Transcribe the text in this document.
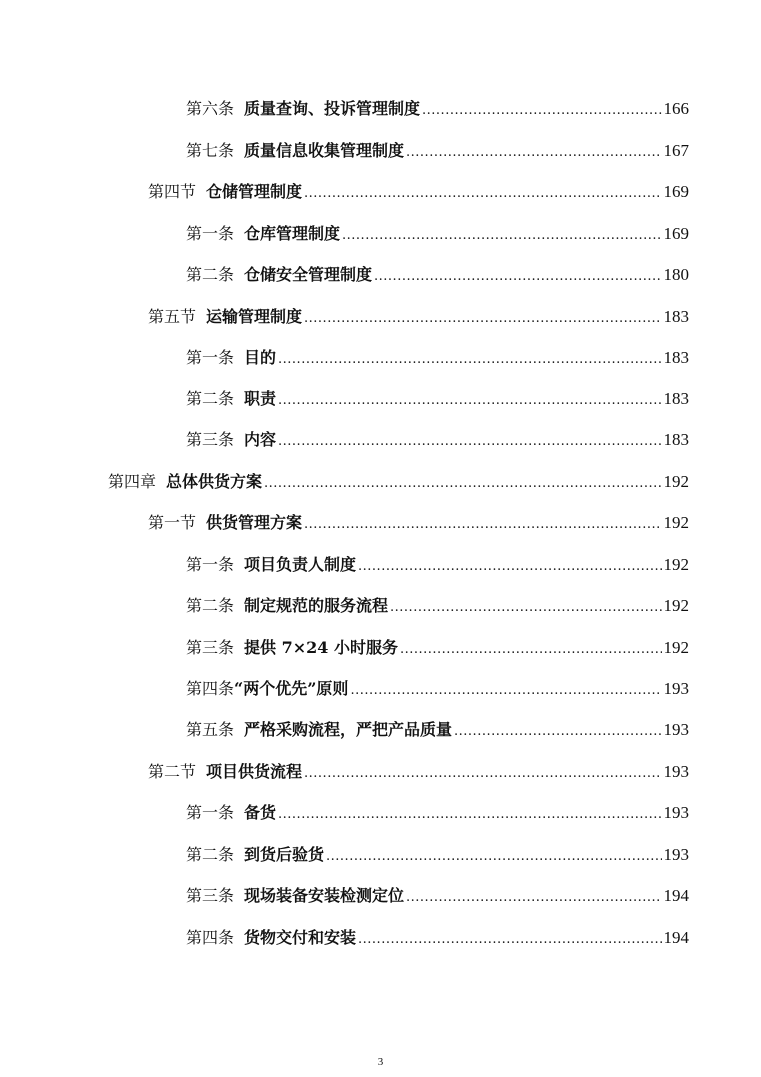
第六条 质量查询、投诉管理制度 .....	166
第七条 质量信息收集管理制度 .....	167
第四节 仓储管理制度 .....	169
第一条 仓库管理制度 .....	169
第二条 仓储安全管理制度 .....	180
第五节 运输管理制度 .....	183
第一条 目的 .....	183
第二条 职责 .....	183
第三条 内容 .....	183
第四章 总体供货方案 .....	192
第一节 供货管理方案 .....	192
第一条 项目负责人制度 .....	192
第二条 制定规范的服务流程 .....	192
第三条 提供 7×24 小时服务 .....	192
第四条 “两个优先”原则 .....	193
第五条 严格采购流程，严把产品质量 .....	193
第二节 项目供货流程 .....	193
第一条 备货 .....	193
第二条 到货后验货 .....	193
第三条 现场装备安装检测定位 .....	194
第四条 货物交付和安装 .....	194
3
